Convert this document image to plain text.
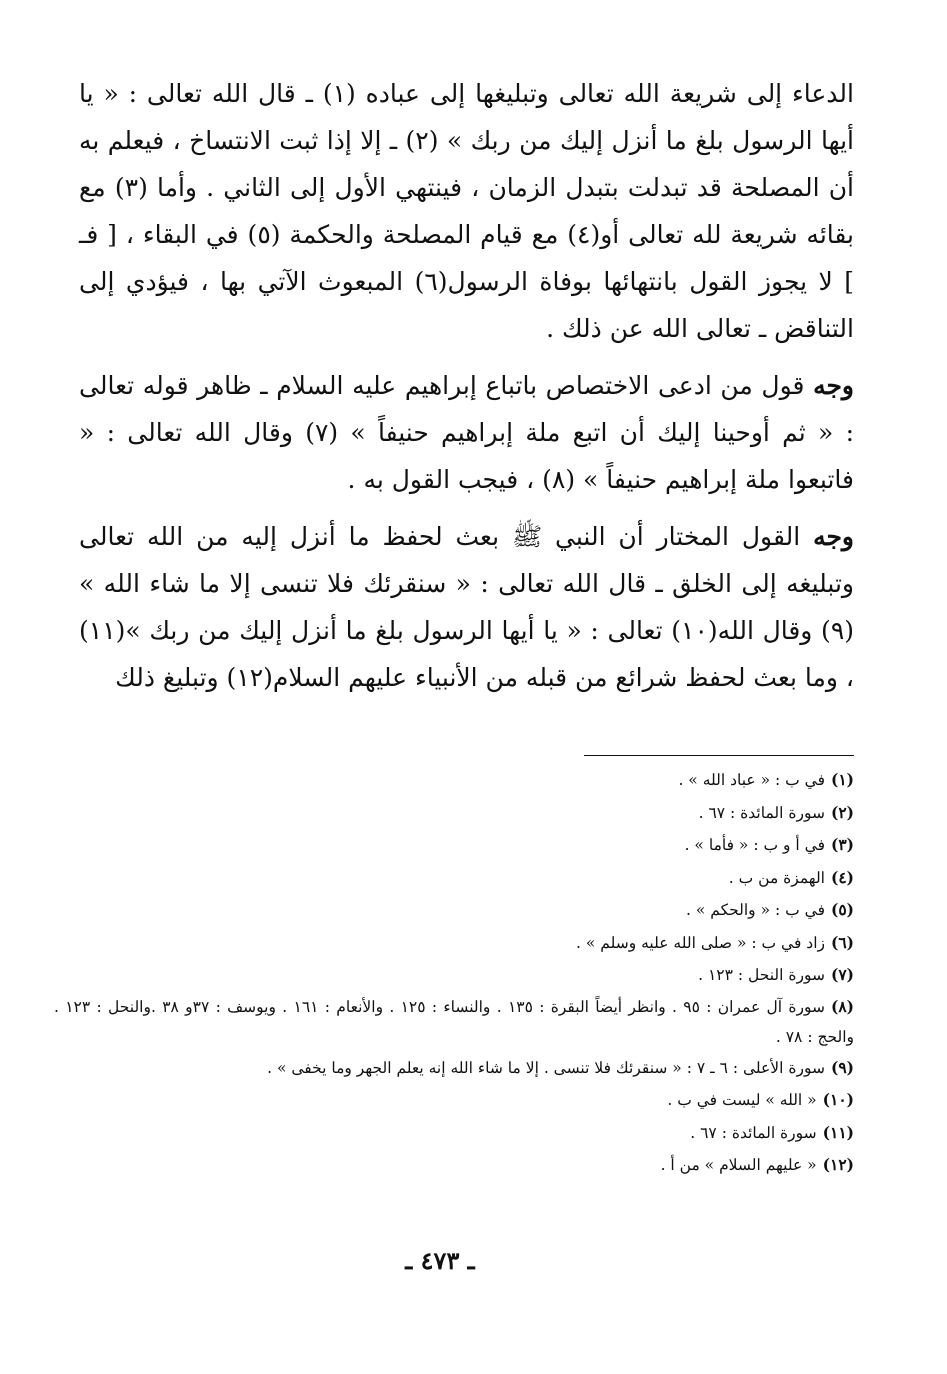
الدعاء إلى شريعة الله تعالى وتبليغها إلى عباده (١) ـ قال الله تعالى : « يا أيها الرسول بلغ ما أنزل إليك من ربك » (٢) ـ إلا إذا ثبت الانتساخ ، فيعلم به أن المصلحة قد تبدلت بتبدل الزمان ، فينتهي الأول إلى الثاني . وأما (٣) مع بقائه شريعة لله تعالى أو(٤) مع قيام المصلحة والحكمة (٥) في البقاء ، [ فـ ] لا يجوز القول بانتهائها بوفاة الرسول(٦) المبعوث الآتي بها ، فيؤدي إلى التناقض ـ تعالى الله عن ذلك .

وجه قول من ادعى الاختصاص باتباع إبراهيم عليه السلام ـ ظاهر قوله تعالى : « ثم أوحينا إليك أن اتبع ملة إبراهيم حنيفاً » (٧) وقال الله تعالى : « فاتبعوا ملة إبراهيم حنيفاً » (٨) ، فيجب القول به .

وجه القول المختار أن النبي ﷺ بعث لحفظ ما أنزل إليه من الله تعالى وتبليغه إلى الخلق ـ قال الله تعالى : « سنقرئك فلا تنسى إلا ما شاء الله » (٩) وقال الله(١٠) تعالى : « يا أيها الرسول بلغ ما أنزل إليك من ربك »(١١) ، وما بعث لحفظ شرائع من قبله من الأنبياء عليهم السلام(١٢) وتبليغ ذلك

(١)في ب : « عباد الله » .
(٢)سورة المائدة : ٦٧ .
(٣)في أ و ب : « فأما » .
(٤)الهمزة من ب .
(٥)في ب : « والحكم » .
(٦)زاد في ب : « صلى الله عليه وسلم » .
(٧)سورة النحل : ١٢٣ .
(٨)سورة آل عمران : ٩٥ . وانظر أيضاً البقرة : ١٣٥ . والنساء : ١٢٥ . والأنعام : ١٦١ . ويوسف : ٣٧و ٣٨ .والنحل : ١٢٣ . والحج : ٧٨ .
(٩)سورة الأعلى : ٦ ـ ٧ : « سنقرئك فلا تنسى . إلا ما شاء الله إنه يعلم الجهر وما يخفى » .
(١٠)« الله » ليست في ب .
(١١)سورة المائدة : ٦٧ .
(١٢)« عليهم السلام » من أ .
ـ ٤٧٣ ـ
